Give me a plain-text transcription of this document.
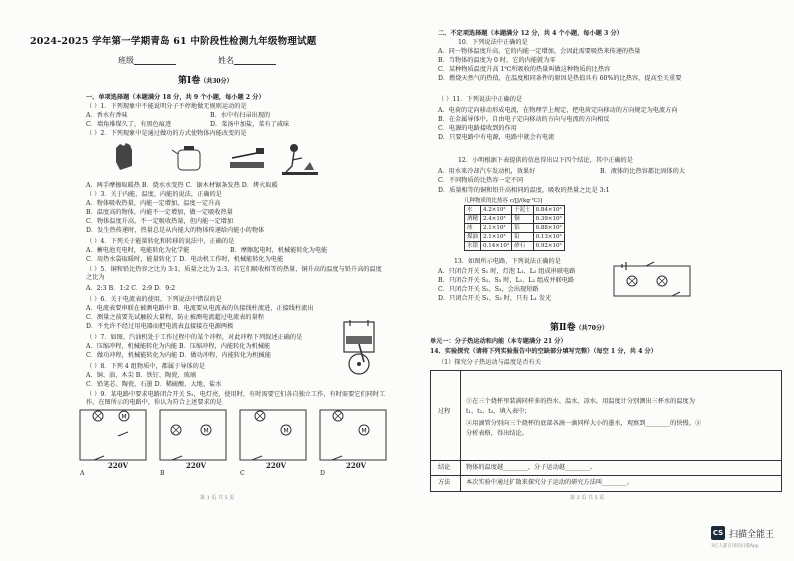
2024-2025 学年第一学期青岛 61 中阶段性检测九年级物理试题
班级	姓名
第Ⅰ卷（共30分）
一、单项选择题（本题满分 18 分，共 9 个小题，每小题 2 分）
（ ）1．下列现象中不能说明分子不停地做无规则运动的是
A．香水有香味	B．水中有扫帚出现的
C．墙角堆煤久了，有黑色痕迹	D．菜汤中加盐，菜有了咸味
（ ）2．下列现象中是通过做功的方式使物体内能改变的是
A．两手摩擦取暖热 B．烧水水变热 C．锯木材锯条发热 D．烤火取暖
（ ）3．关于内能、温度、内能的说法，正确的是
A．物体吸收热量，内能一定增加，温度一定升高
B．温度高的物体，内能不一定增加，做一定吸收热量
C．物体温度升高，不一定吸收热量，但内能一定增加
D．发生热传递时，热量总是从内能大的物体传递给内能小的物体
（ ）4．下列关于能量转化和转移的说法中，正确的是
A．蓄电池充电时，电能转化为化学能	B．摩擦起电时，机械能转化为电能
C．用热水袋取暖时，能量转化了 D．电动机工作时，机械能转化为电能
（ ）5．铜和铅比热容之比为 3:1，质量之比为 2:3，若它们吸收相等的热量，铜升高的温度与铅升高的温度之比为
A．2:3 B．1:2 C．2:9 D．9:2
（ ）6．关于电流表的使用，下列说法中错误的是
A．电流表要串联在被测电路中 B．电流要从电流表的负接线柱流进，正接线柱流出
C．测量之前要先试触较大量程，防止被测电流超过电流表的量程
D．不允许不经过用电器而把电流表直接接在电源两极
（ ）7．如图，汽油机处于工作过程中的某个冲程，对此冲程下列叙述正确的是
A．压缩冲程，机械能转化为内能 B．压缩冲程，内能转化为机械能
C．做功冲程，机械能转化为内能 D．做功冲程，内能转化为机械能
（ ）8．下列 4 组物质中，都属于导体的是
A．铜、油、木尖 B．铁钉、陶瓷、玻璃
C．铅笔芯、陶瓷、石墨 D．稀硫酸、大地、盐水
（ ）9．某电路中要求电路闭合开关 S₁，电灯亮，使用时，有时需要它们各自独立工作，有时需要它们同时工作，在图所示的电路中，你认为符合上述要求的是
M
M	M	M
220V	220V	220V	220V
A	B	C	D
第 1 页 共 5 页
二、不定项选择题（本题满分 12 分，共 4 个小题，每小题 3 分）
10．下列说法中正确的是
A．同一物体温度升高，它的内能一定增加，会因此需要吸热来传递的热量
B．当物体的温度为 0 时，它的内能就为零
C．某种物质温度升高 1℃所吸收的热量叫做这种物质的比热容
D．燃烧天然气的热值，在温度相同条件的原因是热值具有 60%的比热容，提高至关重要
（ ）11．下列说法中正确的是
A．电荷的定向移动形成电流，在物理学上规定，把电荷定向移动的方向规定为电流方向
B．在金属导体中，自由电子定向移动的方向与电流的方向相反
C．电源的电路接收到的作用
D．只要电路中有电源，电路中就会有电流
12．小明根据下表提供的信息得出以下四个结论，其中正确的是
A．用水来冷却汽车发动机，效果好	B．液体的比热容都比固体的大
C．不同物质的比热容一定不同
D．质量相等的铜和铅升高相同的温度，吸收的热量之比是 3:1
几种物质的比热容 c/[J/(kg·℃)]
水	4.2×10³	干泥土	0.84×10³
酒精	2.4×10³	铜	0.39×10³
冰	2.1×10³	铝	0.88×10³
煤油	2.1×10³	铅	0.13×10³
水银	0.14×10³	砂石	0.92×10³
13．如图所示电路，下列说法正确的是
A．只闭合开关 S₁ 时，灯泡 L₁、L₂ 组成串联电路
B．只闭合开关 S₂、S₃ 时，L₁、L₂ 组成并联电路
C．只闭合开关 S₂、S₃，会出现短路
D．只闭合开关 S₁、S₃ 时，只有 L₁ 发光
第Ⅱ卷（共70分）
单元一：分子热运动和内能（本专题满分 21 分）
14．实验探究（请将下列实验报告中的空缺部分填写完整）（每空 1 分，共 4 分）
（1）探究分子热运动与温度是否有关
过程
①在三个烧杯里装满同样多的热水、温水、凉水，用温度计分别测出三杯水的温度为
t₁、t₂、t₃，填入表中；
②用滴管分别向三个烧杯的底部各滴一滴同样大小的墨水，观察到________的快慢。③
分析表格，得出结论。
结论	物体的温度越________，分子运动越________。
方法	本次实验中通过扩散来探究分子运动的研究方法叫________。
第 2 页 共 5 页
CS 扫描全能王
3亿人都在用的扫描App
